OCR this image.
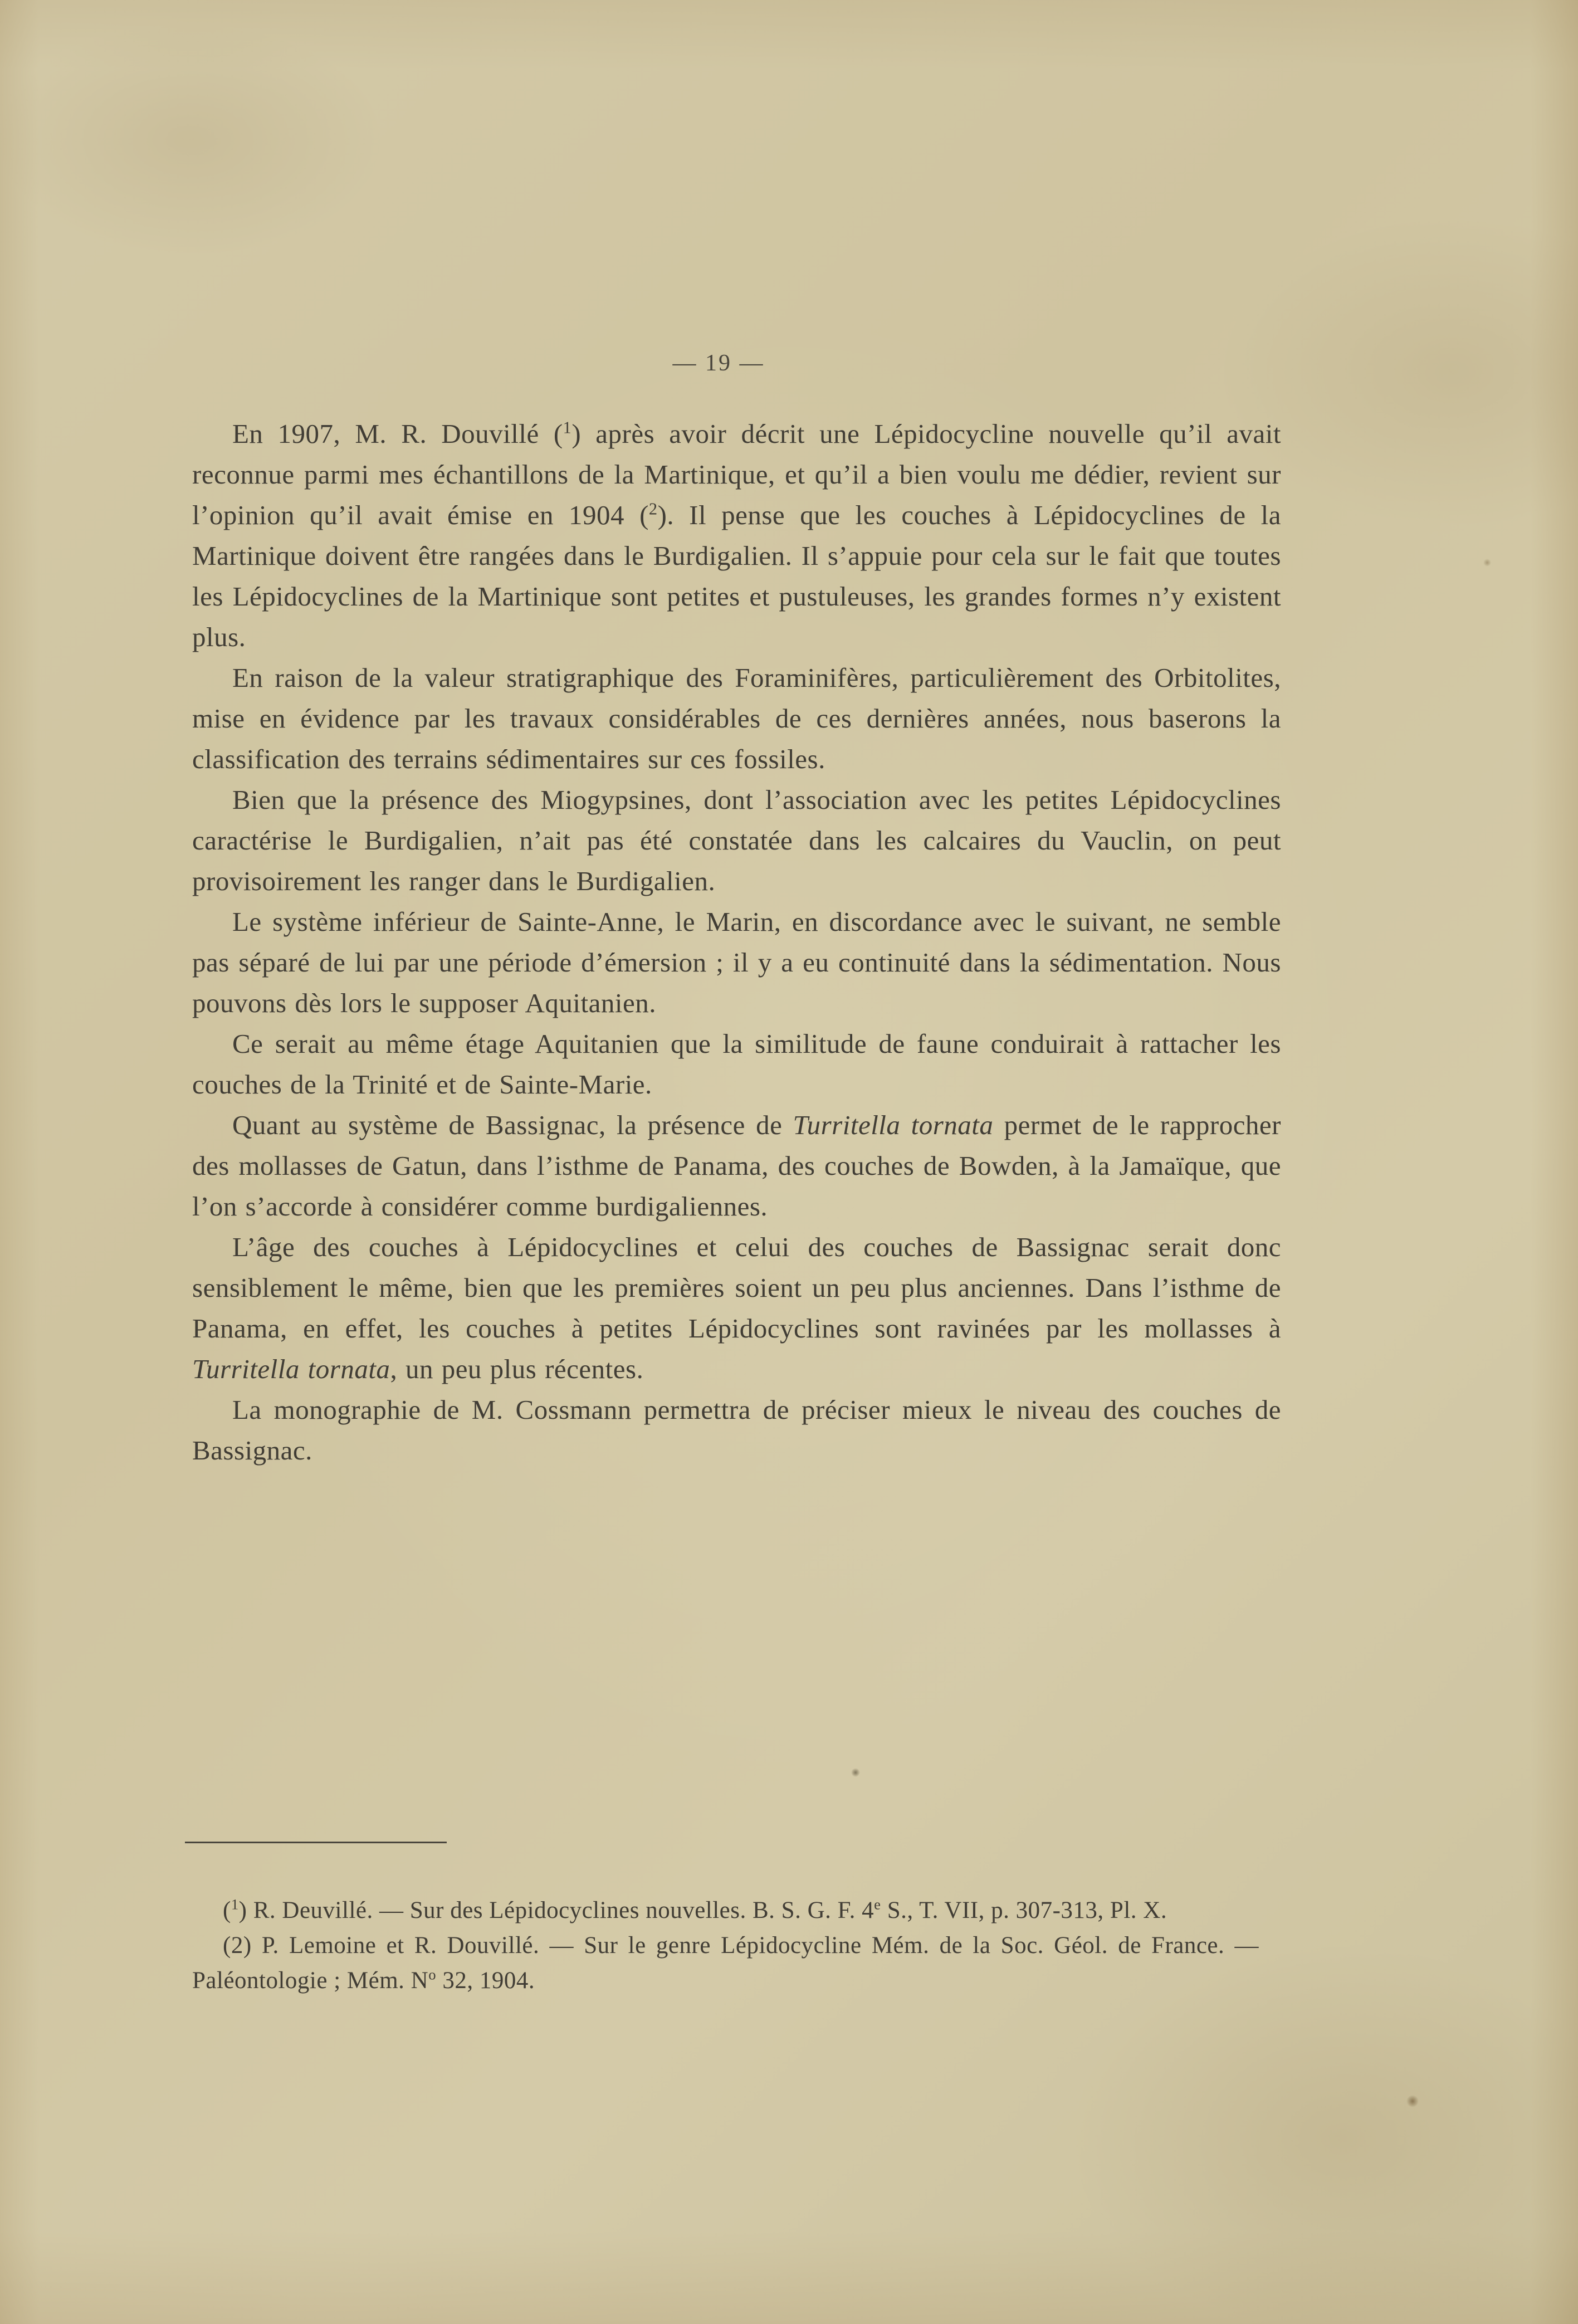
— 19 —

En 1907, M. R. Douvillé ($^1$) après avoir décrit une Lépidocycline nouvelle qu’il avait reconnue parmi mes échantillons de la Martinique, et qu’il a bien voulu me dédier, revient sur l’opinion qu’il avait émise en 1904 ($^2$). Il pense que les couches à Lépidocyclines de la Martinique doivent être rangées dans le Burdigalien. Il s’appuie pour cela sur le fait que toutes les Lépidocyclines de la Martinique sont petites et pustuleuses, les grandes formes n’y existent plus.

En raison de la valeur stratigraphique des Foraminifères, particulièrement des Orbitolites, mise en évidence par les travaux considérables de ces dernières années, nous baserons la classification des terrains sédimentaires sur ces fossiles.

Bien que la présence des Miogypsines, dont l’association avec les petites Lépidocyclines caractérise le Burdigalien, n’ait pas été constatée dans les calcaires du Vauclin, on peut provisoirement les ranger dans le Burdigalien.

Le système inférieur de Sainte-Anne, le Marin, en discordance avec le suivant, ne semble pas séparé de lui par une période d’émersion ; il y a eu continuité dans la sédimentation. Nous pouvons dès lors le supposer Aquitanien.

Ce serait au même étage Aquitanien que la similitude de faune conduirait à rattacher les couches de la Trinité et de Sainte-Marie.

Quant au système de Bassignac, la présence de Turritella tornata permet de le rapprocher des mollasses de Gatun, dans l’isthme de Panama, des couches de Bowden, à la Jamaïque, que l’on s’accorde à considérer comme burdigaliennes.

L’âge des couches à Lépidocyclines et celui des couches de Bassignac serait donc sensiblement le même, bien que les premières soient un peu plus anciennes. Dans l’isthme de Panama, en effet, les couches à petites Lépidocyclines sont ravinées par les mollasses à Turritella tornata, un peu plus récentes.

La monographie de M. Cossmann permettra de préciser mieux le niveau des couches de Bassignac.

($^1$) R. Deuvillé. — Sur des Lépidocyclines nouvelles. B. S. G. F. 4e S., T. VII, p. 307-313, Pl. X.

(2) P. Lemoine et R. Douvillé. — Sur le genre Lépidocycline Mém. de la Soc. Géol. de France. — Paléontologie ; Mém. $N^o$ 32, 1904.
